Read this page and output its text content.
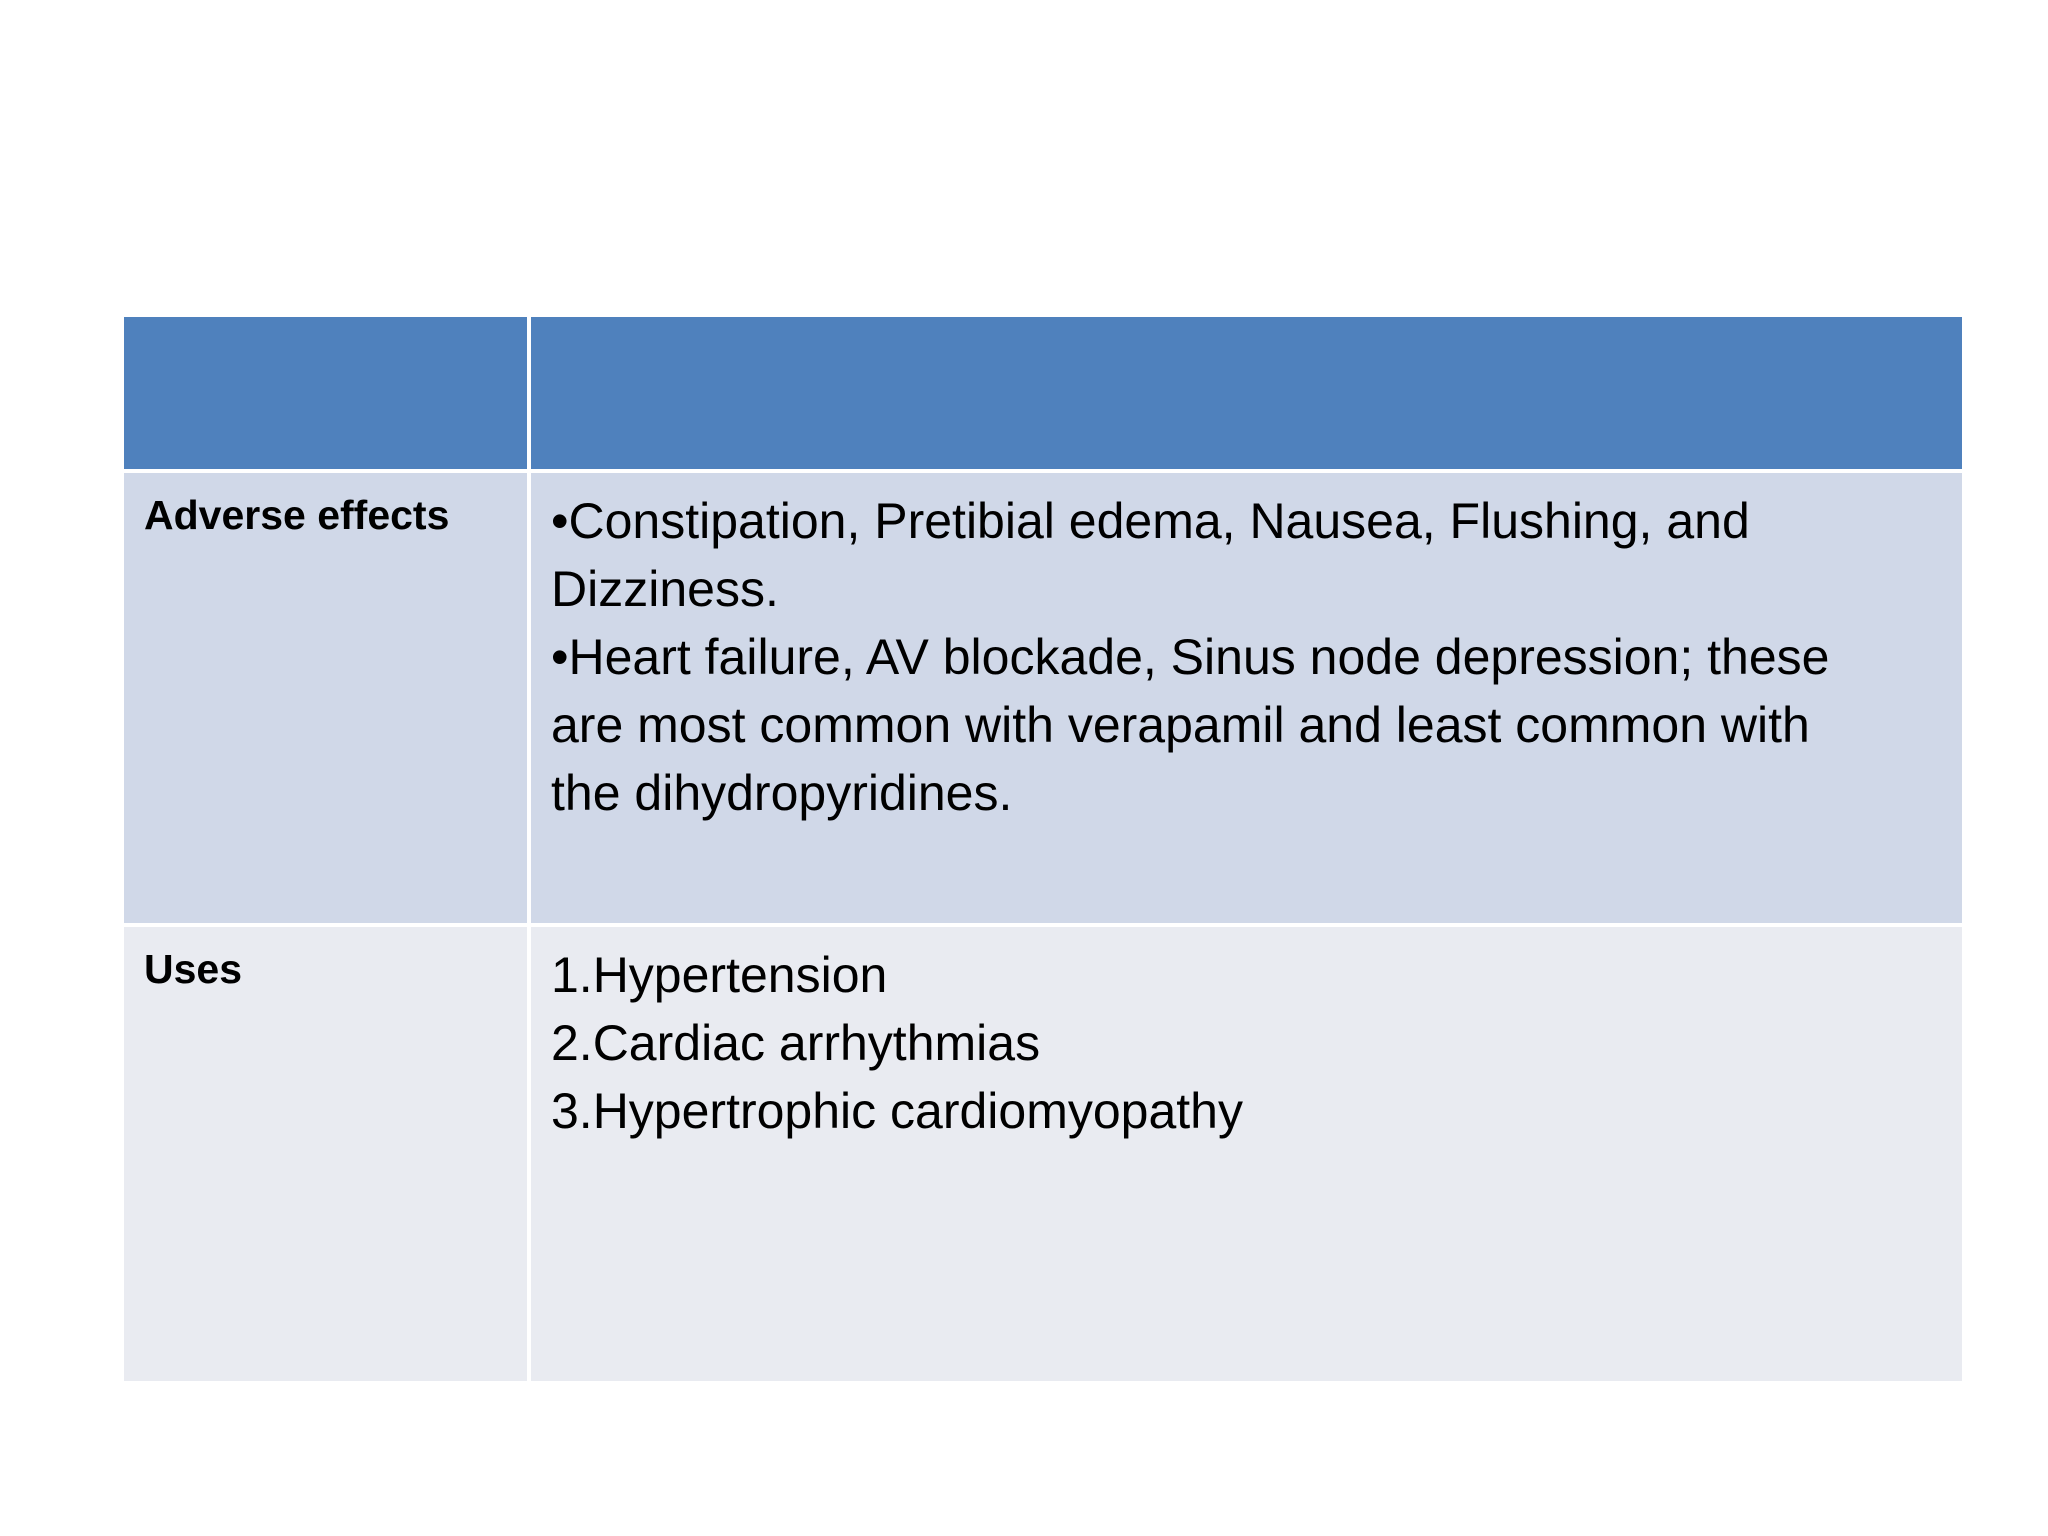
Adverse effects	•Constipation, Pretibial edema, Nausea, Flushing, and
Dizziness.
•Heart failure, AV blockade, Sinus node depression; these
are most common with verapamil and least common with
the dihydropyridines.

Uses	1.Hypertension
2.Cardiac arrhythmias
3.Hypertrophic cardiomyopathy
